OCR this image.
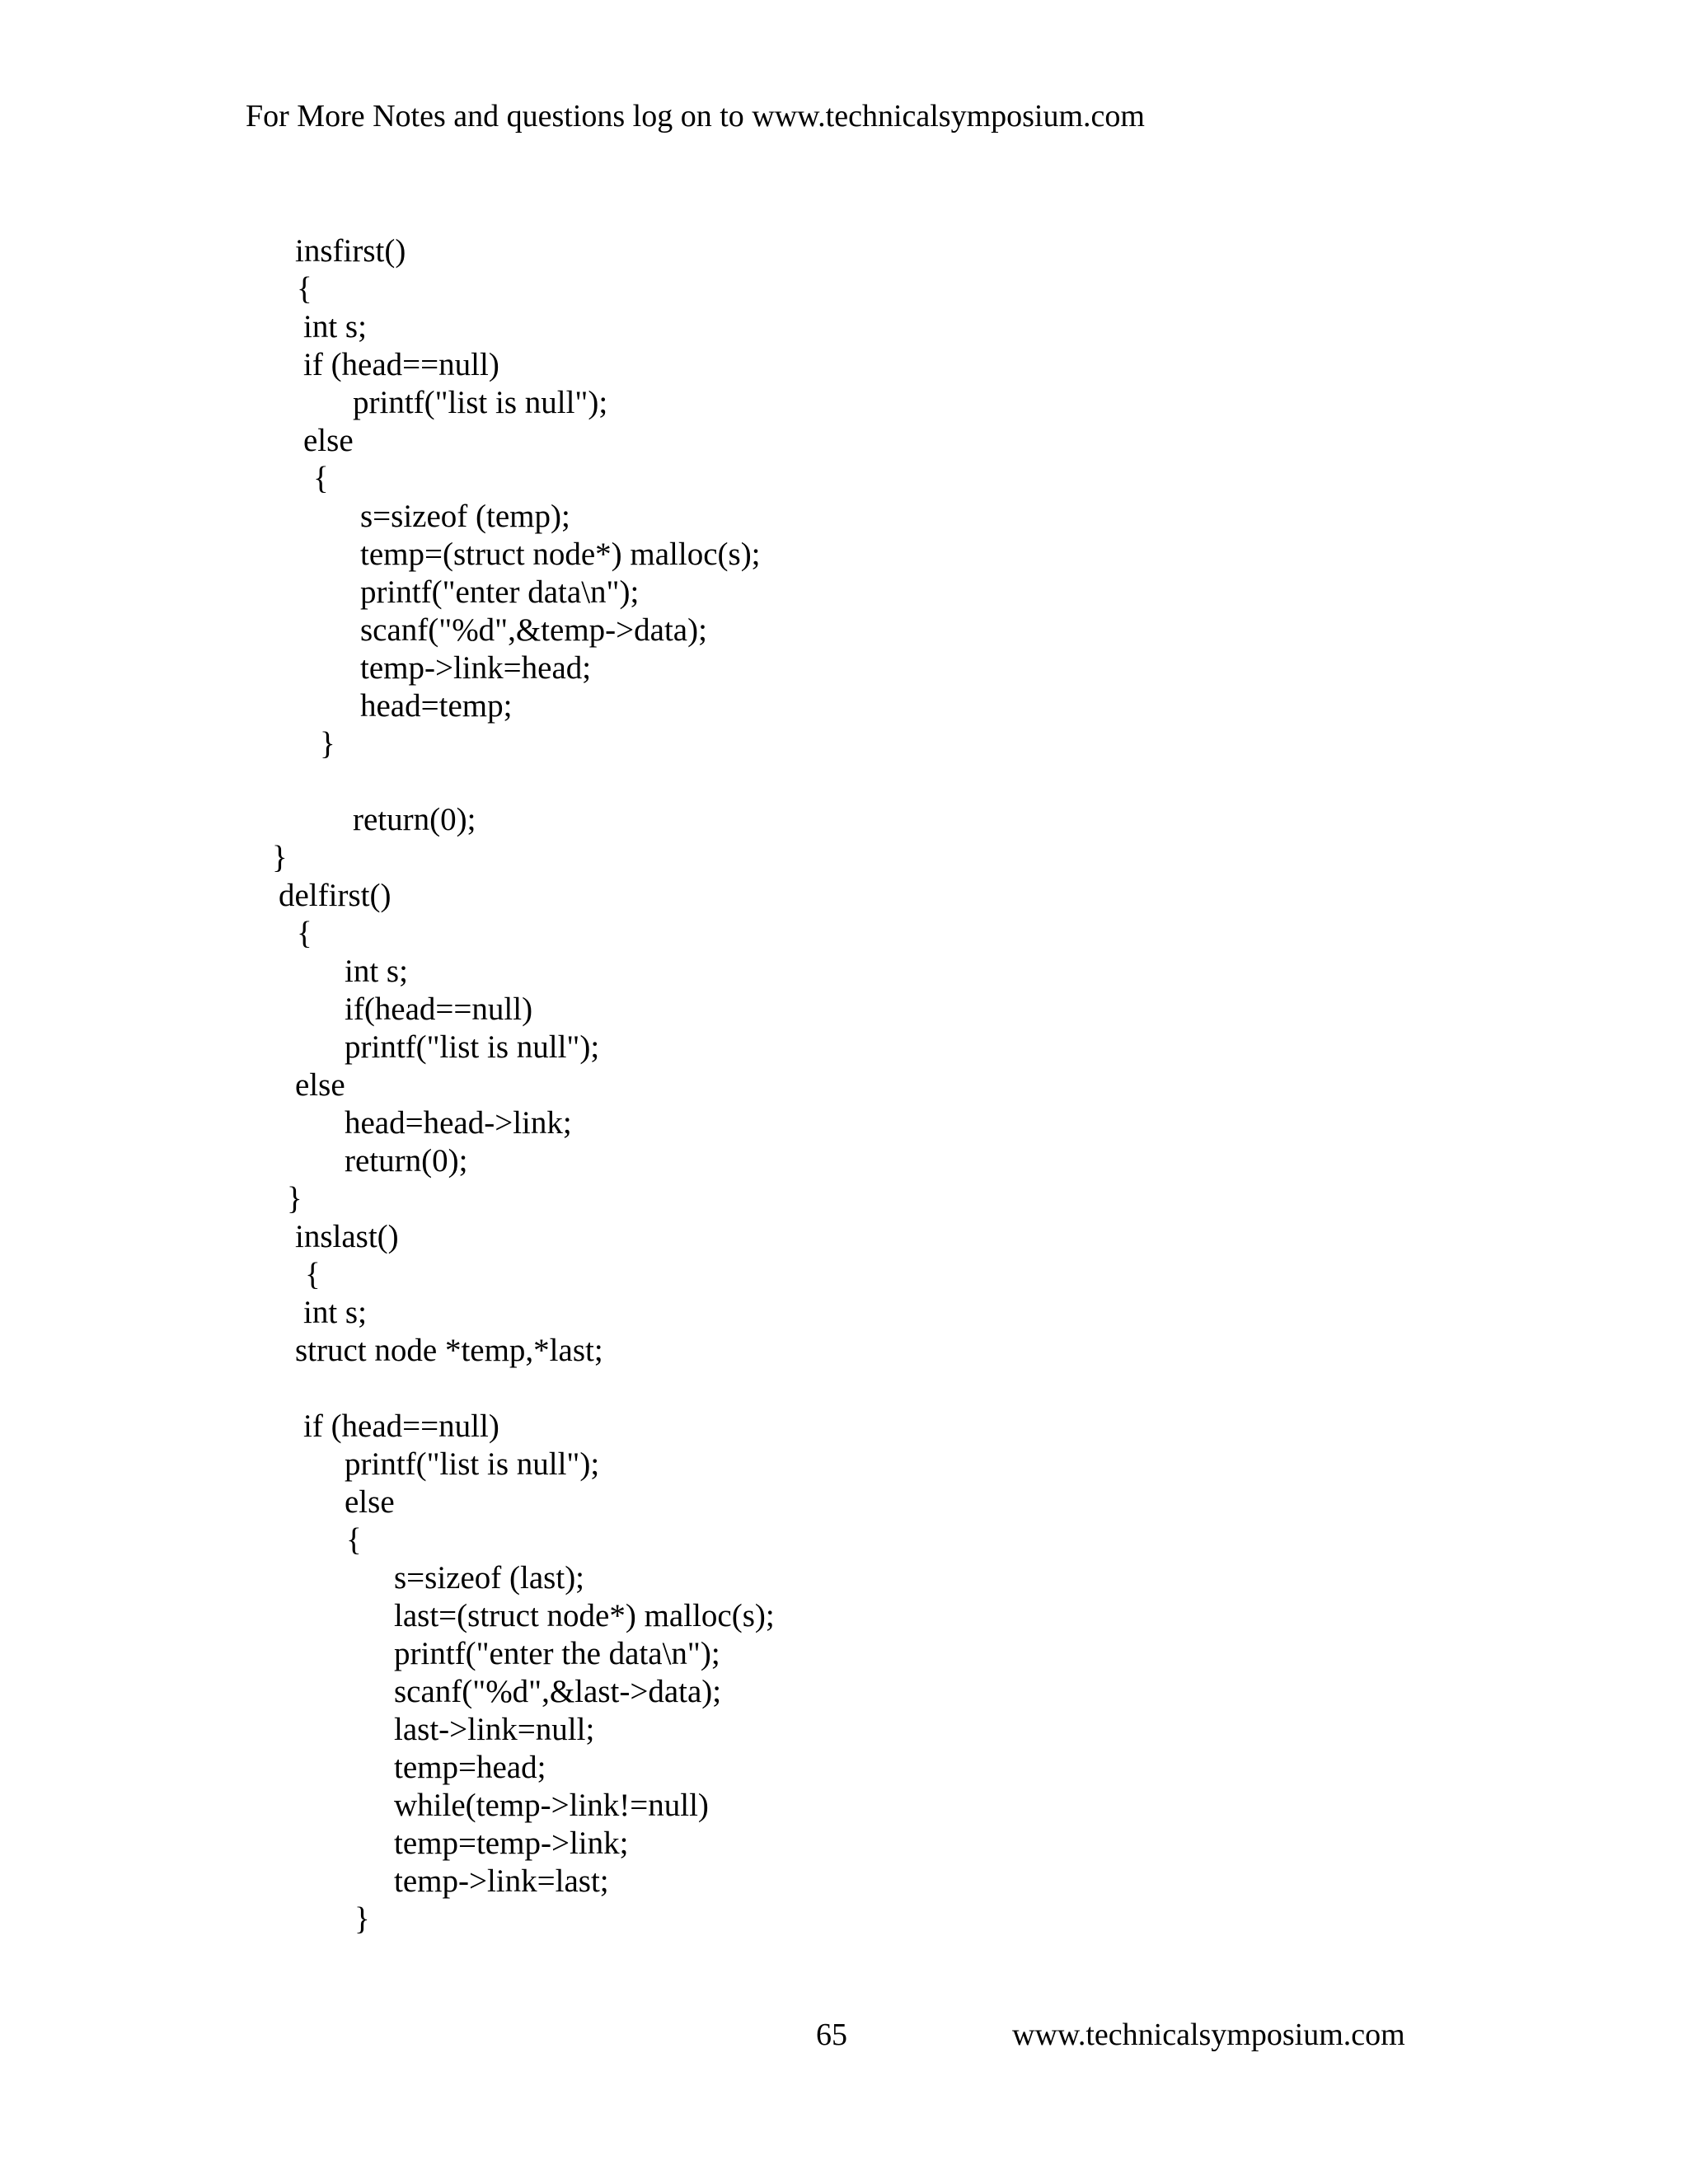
For More Notes and questions log on to www.technicalsymposium.com
insfirst()
{
int s;
if (head==null)
printf("list is null");
else
{
s=sizeof (temp);
temp=(struct node*) malloc(s);
printf("enter data\n");
scanf("%d",&temp->data);
temp->link=head;
head=temp;
}
return(0);
}
delfirst()
{
int s;
if(head==null)
printf("list is null");
else
head=head->link;
return(0);
}
inslast()
{
int s;
struct node *temp,*last;
if (head==null)
printf("list is null");
else
{
s=sizeof (last);
last=(struct node*) malloc(s);
printf("enter the data\n");
scanf("%d",&last->data);
last->link=null;
temp=head;
while(temp->link!=null)
temp=temp->link;
temp->link=last;
}
65	www.technicalsymposium.com
